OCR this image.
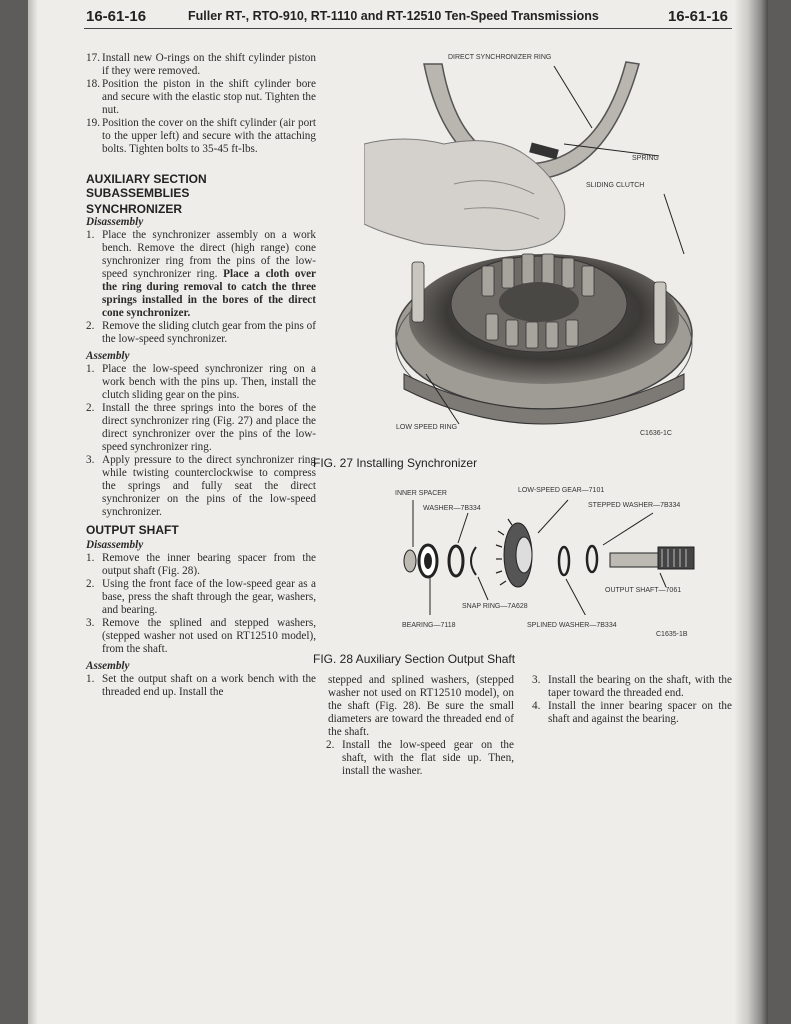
16-61-16	Fuller RT-, RTO-910, RT-1110 and RT-12510 Ten-Speed Transmissions	16-61-16
17. Install new O-rings on the shift cylinder piston if they were removed.
18. Position the piston in the shift cylinder bore and secure with the elastic stop nut. Tighten the nut.
19. Position the cover on the shift cylinder (air port to the upper left) and secure with the attaching bolts. Tighten bolts to 35-45 ft-lbs.

AUXILIARY SECTION

SUBASSEMBLIES

SYNCHRONIZER

Disassembly

1. Place the synchronizer assembly on a work bench. Remove the direct (high range) cone synchronizer ring from the pins of the low-speed synchronizer ring. Place a cloth over the ring during removal to catch the three springs installed in the bores of the direct cone synchronizer.
2. Remove the sliding clutch gear from the pins of the low-speed synchronizer.

Assembly

1. Place the low-speed synchronizer ring on a work bench with the pins up. Then, install the clutch sliding gear on the pins.
2. Install the three springs into the bores of the direct synchronizer ring (Fig. 27) and place the direct synchronizer over the pins of the low-speed synchronizer ring.
3. Apply pressure to the direct synchronizer ring while twisting counterclockwise to compress the springs and fully seat the direct synchronizer on the pins of the low-speed synchronizer.

OUTPUT SHAFT

Disassembly

1. Remove the inner bearing spacer from the output shaft (Fig. 28).
2. Using the front face of the low-speed gear as a base, press the shaft through the gear, washers, and bearing.
3. Remove the splined and stepped washers, (stepped washer not used on RT12510 model), from the shaft.

Assembly

1. Set the output shaft on a work bench with the threaded end up. Install the
DIRECT SYNCHRONIZER RING
SPRING
SLIDING CLUTCH
LOW SPEED RING
C1636-1C
FIG. 27 Installing Synchronizer
INNER SPACER
WASHER—7B334
LOW-SPEED GEAR—7101
STEPPED WASHER—7B334
OUTPUT SHAFT—7061
SNAP RING—7A628
BEARING—7118	SPLINED WASHER—7B334
C1635-1B
FIG. 28 Auxiliary Section Output Shaft

stepped and splined washers, (stepped washer not used on RT12510 model), on the shaft (Fig. 28). Be sure the small diameters are toward the threaded end of the shaft.

2. Install the low-speed gear on the shaft, with the flat side up. Then, install the washer.
3. Install the bearing on the shaft, with the taper toward the threaded end.
4. Install the inner bearing spacer on the shaft and against the bearing.
